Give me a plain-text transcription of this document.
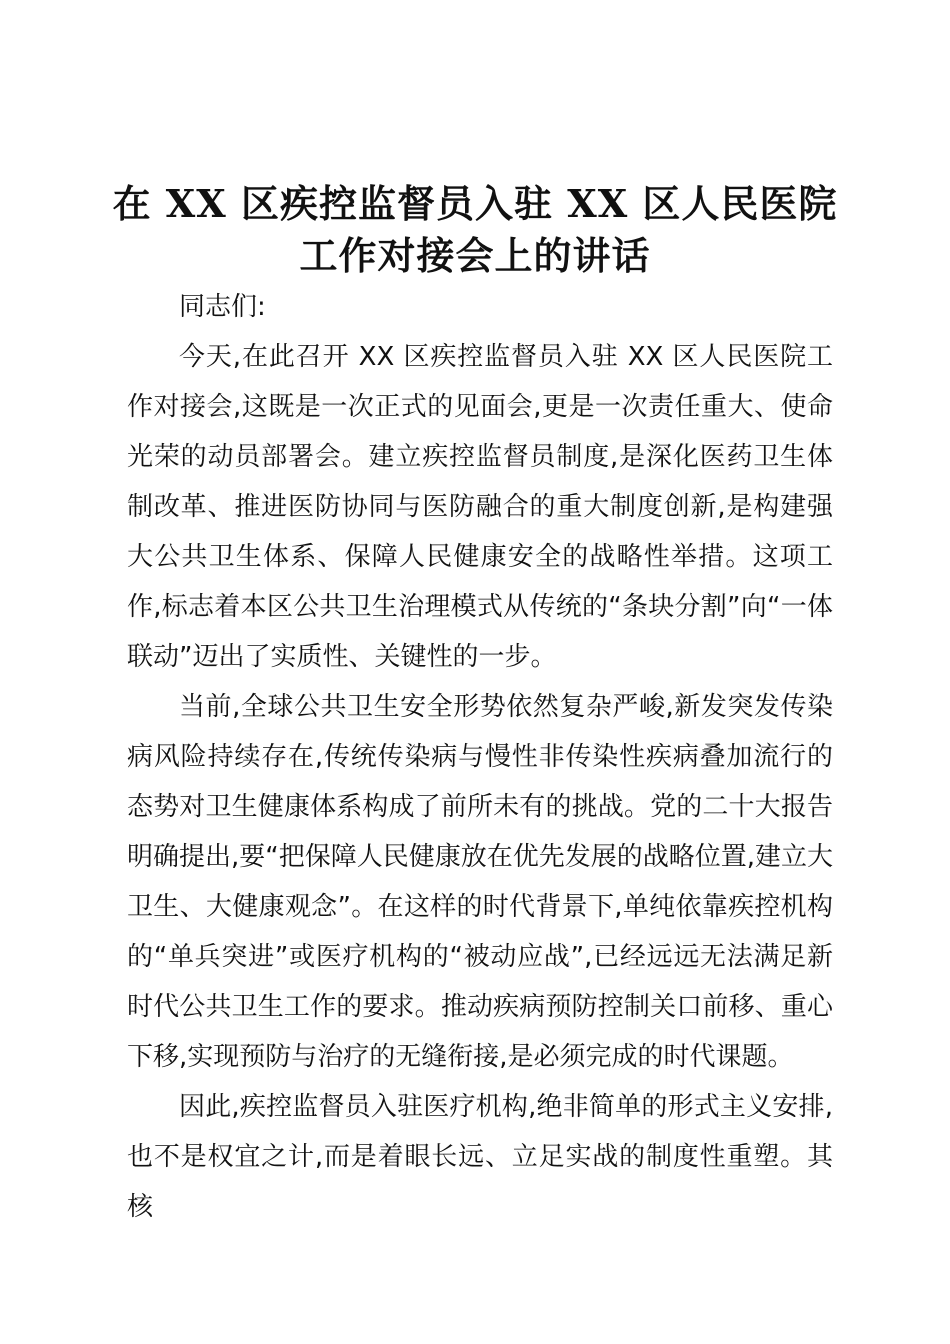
在 XX 区疾控监督员入驻 XX 区人民医院
工作对接会上的讲话

同志们:

今天,在此召开 XX 区疾控监督员入驻 XX 区人民医院工作对接会,这既是一次正式的见面会,更是一次责任重大、使命光荣的动员部署会。建立疾控监督员制度,是深化医药卫生体制改革、推进医防协同与医防融合的重大制度创新,是构建强大公共卫生体系、保障人民健康安全的战略性举措。这项工作,标志着本区公共卫生治理模式从传统的“条块分割”向“一体联动”迈出了实质性、关键性的一步。

当前,全球公共卫生安全形势依然复杂严峻,新发突发传染病风险持续存在,传统传染病与慢性非传染性疾病叠加流行的态势对卫生健康体系构成了前所未有的挑战。党的二十大报告明确提出,要“把保障人民健康放在优先发展的战略位置,建立大卫生、大健康观念”。在这样的时代背景下,单纯依靠疾控机构的“单兵突进”或医疗机构的“被动应战”,已经远远无法满足新时代公共卫生工作的要求。推动疾病预防控制关口前移、重心下移,实现预防与治疗的无缝衔接,是必须完成的时代课题。

因此,疾控监督员入驻医疗机构,绝非简单的形式主义安排,也不是权宜之计,而是着眼长远、立足实战的制度性重塑。其核
